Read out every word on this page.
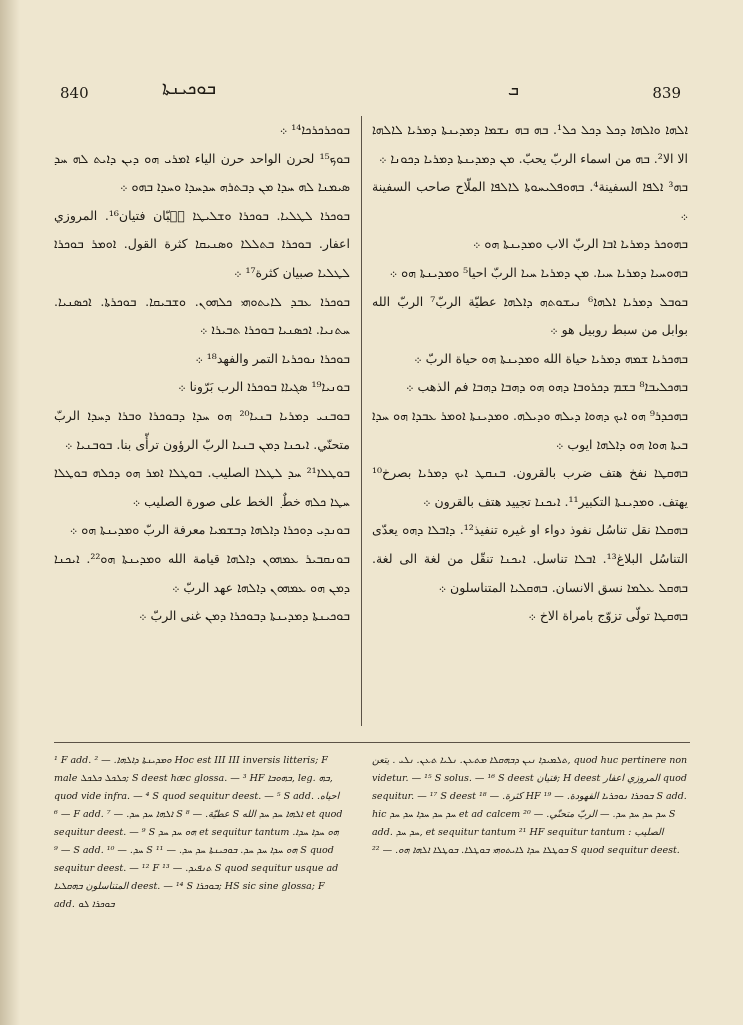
840	ܒܘܟܝܢܬܐ	ܒ	839

ܒܘܟܪܟܪܟܐ¹⁴ ܀

ܒܘܟ¹⁵ لحرن الواحد حرن الياء ܐܡܪܝ ܗܘ ܕܝܢ ܕܐܝܬ ܠܗ ܚܕ ܣܝܡܢܐ ܠܗ ܚܕܐ ܡܢ ܕܒܬܪܗ ܚܕܚܕܐ ܘܚܕܐ ܒܗܘ ܀

ܒܘܟܪܐ ܠܛܠܝܐ. ܒܘܟܪܐ ܘܫܠܝܛܐ ܫُبّان فتيان¹⁶. المروزي اعفار. ܒܘܟܪܐ ܒܬܠܠܐ ܘܣܢܝܩܐ كثرة القول. ܐܘܡܪ ܒܘܟܪܐ ܠܛܠܝܐ صبيان كثرة¹⁷ ܀

ܒܘܟܪܐ ܥܒܕ ܠܐܝܬܘܗܝ ܟܠܗܘܢ. ܘܫܒܝܩܐ. ܒܘܟܪܬܐ. ܐܟܣܢܝܐ. ܚܬܢܝܐ. ܐܟܣܢܝܐ ܒܘܟܪܐ ܬܒܝܪܐ ܀

ܒܘܟܪܐ ܢܘܟܪܝܐ التمر والفهد¹⁸ ܀

ܒܘܢܝܐ¹⁹ ܣܓܝܐܐ ܒܘܟܪܐ الرب بَرّونا ܀

ܒܘܒܢܝ ܕܡܪܝܐ ܒܢܝܐ²⁰ ܗܘ ܚܕܐ ܕܒܘܟܪܐ ܘܒܪܐ ܕܚܕܐ الربّ متحنّي. ܐܝܟܢܐ ܕܡܢ ܒܢܝܐ الربّ الرؤون ترأّى بنا. ܒܘܒܢܝܐ ܀

ܒܘܛܠܐ²¹ ܚܕ ܠܛܠܐ الصليب. ܒܘܛܠܐ ܐܡܪ ܗܘ ܕܟܠܗ ܒܘܛܠܐ ܚܛܐ ܟܠܗ خطٌ ݂ الخط على صورة الصليب ܀

ܒܘܢܕܝ ܕܘܟܪܐ ܕܐܠܗܐ ܕܒܫܡܝܐ معرفة الربّ ܘܡܕܝܢܬܐ ܗܘ ܀

ܒܘܢܩܒܝܪ ܥܡܗܘܢ ܕܐܠܗܐ قيامة الله ܘܡܕܝܢܬܐ ܗܘ²². ܐܝܟܢܐ ܕܡܢ ܗܘ ܥܡܗܘܢ ܕܐܠܗܐ عهد الربّ ܀

ܒܘܟܝܢܬܐ ܕܡܕܝܢܬܐ ܕܒܘܟܪܐ ܕܡܢ غنى الربّ ܀

ܐܠܗܐ ܘܐܠܗܐ ܕܟܠ ܕܟܠ ܟܠ¹. ܒܗ ܒܗ ܢܫܡܐ ܕܡܕܝܢܬܐ ܕܡܪܝܐ ܠܐܠܗܐ الا الا². ܒܗ من اسماء الربّ يحبّ. ܡܢ ܕܡܕܝܢܬܐ ܕܡܪܝܐ ܕܟܘܢܐ ܀

ܒܗ³ ܐܠܦܐ السفينة⁴. ܒܗܘܦܠܝܚܘܬܐ ܠܐܠܦܐ الملّاح صاحب السفينة ܀

ܒܗܘܟܪ ܕܡܪܝܐ ܐܒܐ الربّ الاب ܘܡܕܝܢܬܐ ܗܘ ܀

ܒܗܘܚܝܐ ܕܡܪܝܐ ܚܝܐ. ܡܢ ܕܡܪܝܐ ܚܝܐ الربّ احيا⁵ ܘܡܕܝܢܬܐ ܗܘ ܀

ܒܘܒܠ ܕܡܪܝܐ ܐܠܗܐ⁶ ܢܝܫܘܬܗ ܕܐܠܗܐ عطيّة الربّ⁷ الربّ الله بوابل من سبط روبيل هو ܀

ܒܗܟܪܝܐ ܫܡܗ ܕܡܪܝܐ حياة الله ܘܡܕܝܢܬܐ ܗܘ حياة الربّ ܀

ܒܗܟܠܝܒܐ⁸ ܒܫܡ ܕܟܪܘܒܐ ܕܗܘ ܗܘ ܕܗܒܐ ܕܗܒܐ فم الذهب ܀

ܒܗܟܕܪ⁹ ܗܘ ܐܝܟ ܕܗܘܐ ܕܝܠܗ ܘܕܝܠܗ. ܘܡܕܝܢܬܐ ܐܘܡܪ ܥܒܕܐ ܗܘ ܚܕܐ ܒܝܬܐ ܗܘܐ ܗܘ ܕܐܠܗܐ ايوب ܀

ܒܗܩܛܐ نفخ هتف ضرب بالقرون. ܒܢܩܛ ܐܝܟ ܕܡܪܝܐ بصرخ¹⁰ يهتف. ܘܡܕܝܢܬܐ التكبير¹¹. ܐܝܟܢܐ تجييد هتف بالقرون ܀

ܒܗܩܠܐ نقل تناسُل نفوذ دواء او غيره تنفيذ¹². ܕܐܒܠܐ ܕܗܘ يعدّى التناسُل البلاغ¹³. ܐܒܠܐ تناسل. ܐܝܟܢܐ تنقّل من لغة الى لغة. ܒܗܩܠ ܥܠܡܐ نسق الانسان. ܒܗܩܠܝܐ المتناسلون ܀

ܒܗܩܛܐ تولّى تزوّج بامراة الاخ ܀

¹ F add. ܘܡܕܝܢܬܐ ܕܐܠܗܐ. — ² Hoc est III III inversis litteris; F male ܟܠܟܠ ܟܠܟܠ; S deest hæc glossa. — ³ HF ܒܗܘܒܐ, leg. ܒܗ, quod vide infra. — ⁴ S quod sequitur deest. — ⁵ S add. احياه. — ⁶ F add. ܐܠܗܐ ܚܕ ܚܕ. — ⁷ S عطيّة. — ⁸ S ܐܠܗܐ ܚܕ ܚܕ الله et quod sequitur deest. — ⁹ S ܗܘ ܚܕ ܚܕ et sequitur tantum ܗܘ ܚܕܐ ܚܕܐ. — ⁹ S add. ܚܕ. — ¹⁰ S ܗܘ ܚܕܐ ܚܕ ܚܕ. ܒܘܟܝܢܬܐ ܚܕ ܚܕ. — ¹¹ S quod sequitur deest. — ¹² F ܬܢܦܝܕ. — ¹³ S quod sequitur usque ad المتناسلون ܒܗܩܠܝܐ deest. — ¹⁴ S ܒܘܟܪܐ; HS sic sine glossa; F add. ܒܘܟܪܐ ܠܘ

ܬܠܡܝܕܐ ܢܝܢ ܕܒܗܩܠܐ ܡܬܥܢ. ܢܠܝܐ ܬܥܢ. ܢܠܝ . يتعن, quod huc pertinere non videtur. — ¹⁵ S solus. — ¹⁶ S deest فتيان; H deest المروزي اعفار quod sequitur. — ¹⁷ S deest كثرة. — ¹⁸ HF ܒܘܟܪܐ ܢܘܟܪܝܐ الفهودة. — ¹⁹ S add. hic ܚܕ ܚܕ ܚܕܐ ܚܕ ܚܕ et ad calcem ܚܕ ܚܕ ܚܕ ܚܕ. — الربّ متحنّي. — ²⁰ S add. ܚܕ ܚܕ, et sequitur tantum ²¹ HF sequitur tantum : الصليب ܒܘܛܠܐ ܚܕܐ ܠܐܝܬܘܗܝ ܒܘܛܠܐ. ܒܘܛܠܐ ܐܠܗܐ ܗܘ. — ²² S quod sequitur deest.
